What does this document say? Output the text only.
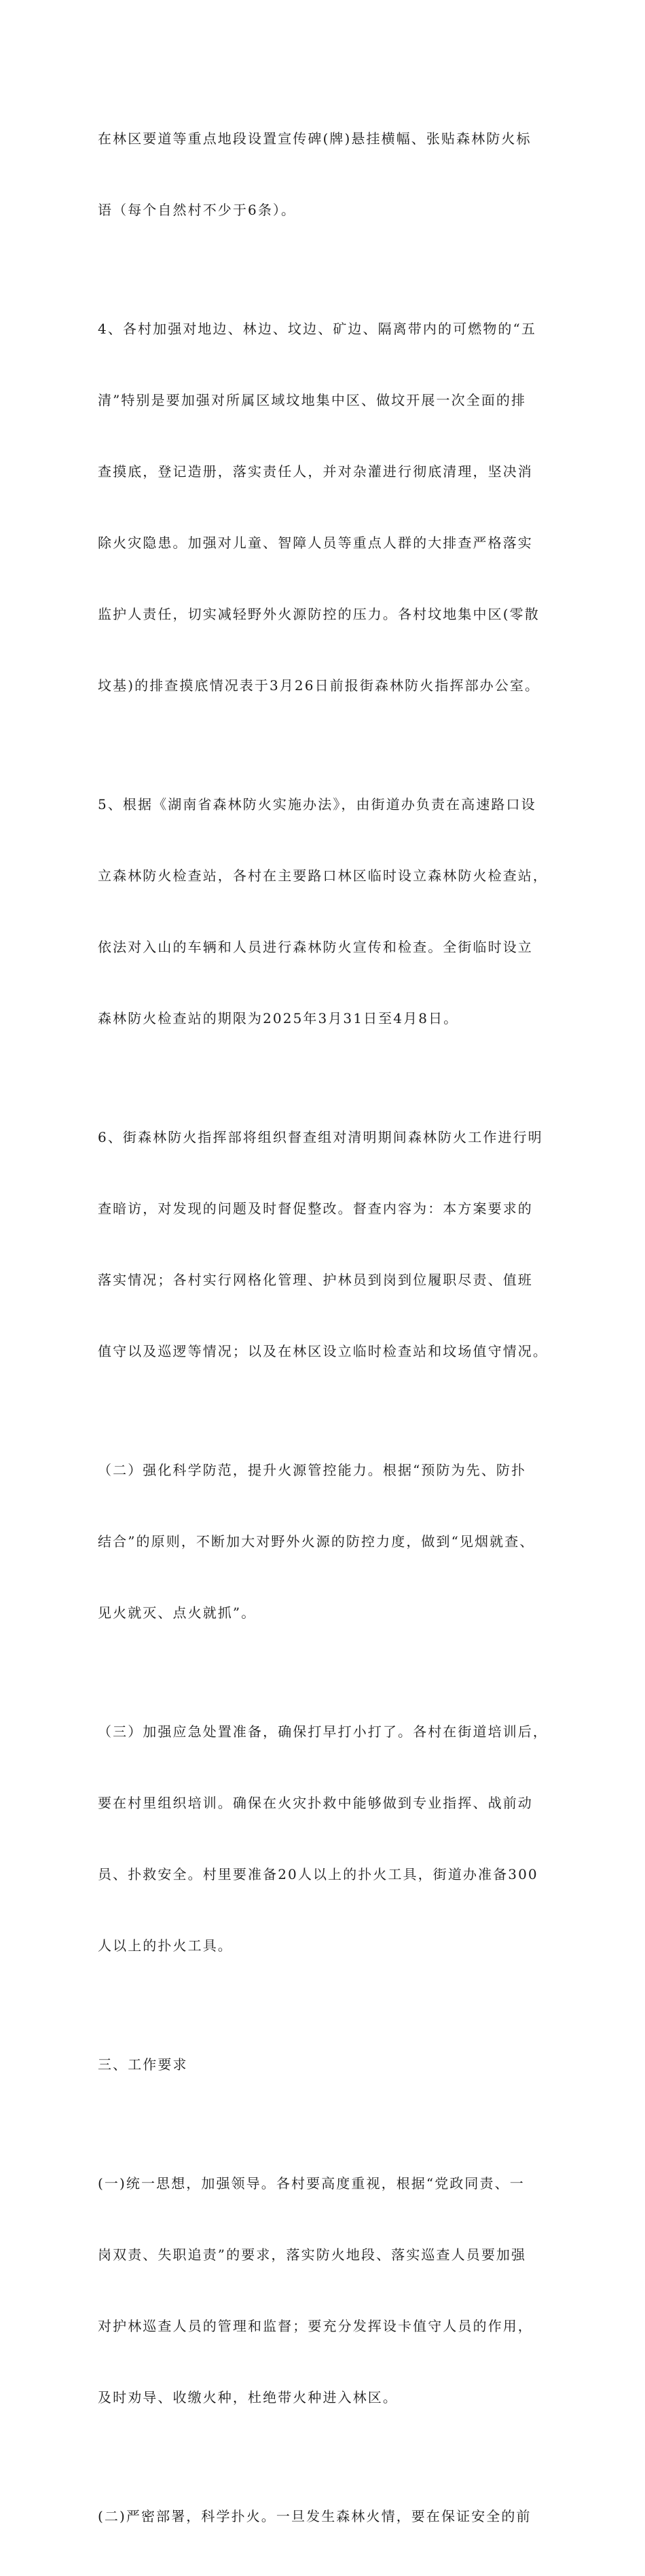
在林区要道等重点地段设置宣传碑(牌)悬挂横幅、张贴森林防火标

语（每个自然村不少于6条）。

4、各村加强对地边、林边、坟边、矿边、隔离带内的可燃物的“五

清”特别是要加强对所属区域坟地集中区、做坟开展一次全面的排

查摸底，登记造册，落实责任人，并对杂灌进行彻底清理，坚决消

除火灾隐患。加强对儿童、智障人员等重点人群的大排查严格落实

监护人责任，切实减轻野外火源防控的压力。各村坟地集中区(零散

坟基)的排查摸底情况表于3月26日前报街森林防火指挥部办公室。

5、根据《湖南省森林防火实施办法》，由街道办负责在高速路口设

立森林防火检查站，各村在主要路口林区临时设立森林防火检查站，

依法对入山的车辆和人员进行森林防火宣传和检查。全街临时设立

森林防火检查站的期限为2025年3月31日至4月8日。

6、街森林防火指挥部将组织督查组对清明期间森林防火工作进行明

查暗访，对发现的问题及时督促整改。督查内容为：本方案要求的

落实情况；各村实行网格化管理、护林员到岗到位履职尽责、值班

值守以及巡逻等情况；以及在林区设立临时检查站和坟场值守情况。

（二）强化科学防范，提升火源管控能力。根据“预防为先、防扑

结合”的原则，不断加大对野外火源的防控力度，做到“见烟就查、

见火就灭、点火就抓”。

（三）加强应急处置准备，确保打早打小打了。各村在街道培训后，

要在村里组织培训。确保在火灾扑救中能够做到专业指挥、战前动

员、扑救安全。村里要准备20人以上的扑火工具，街道办准备300

人以上的扑火工具。

三、工作要求

(一)统一思想，加强领导。各村要高度重视，根据“党政同责、一

岗双责、失职追责”的要求，落实防火地段、落实巡查人员要加强

对护林巡查人员的管理和监督；要充分发挥设卡值守人员的作用，

及时劝导、收缴火种，杜绝带火种进入林区。

(二)严密部署，科学扑火。一旦发生森林火情，要在保证安全的前
